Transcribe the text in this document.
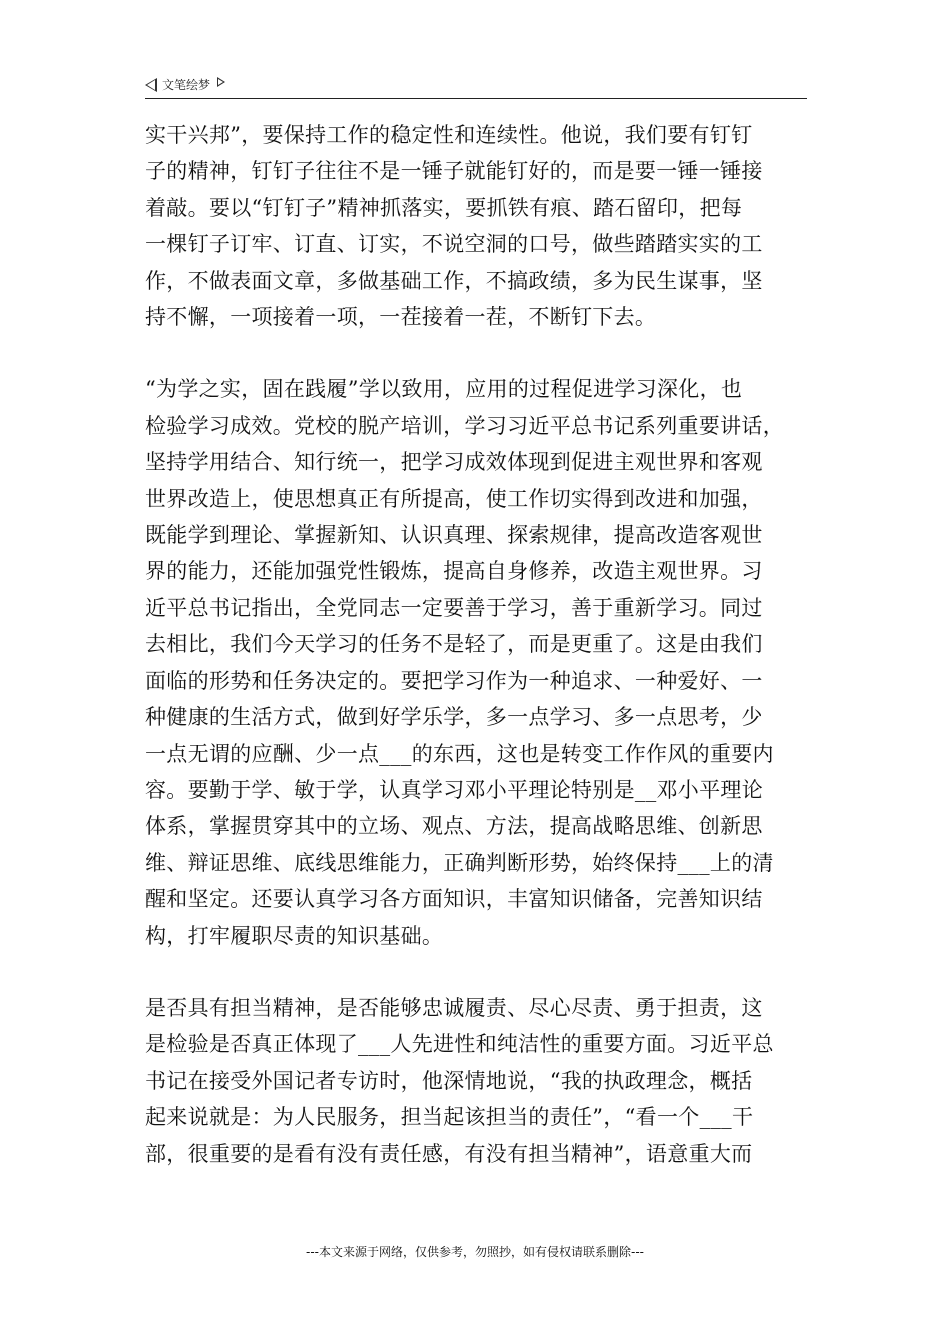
文笔绘梦

实干兴邦”，要保持工作的稳定性和连续性。他说，我们要有钉钉
子的精神，钉钉子往往不是一锤子就能钉好的，而是要一锤一锤接
着敲。要以“钉钉子”精神抓落实，要抓铁有痕、踏石留印，把每
一棵钉子订牢、订直、订实，不说空洞的口号，做些踏踏实实的工
作，不做表面文章，多做基础工作，不搞政绩，多为民生谋事，坚
持不懈，一项接着一项，一茬接着一茬，不断钉下去。

“为学之实，固在践履”学以致用，应用的过程促进学习深化，也
检验学习成效。党校的脱产培训，学习习近平总书记系列重要讲话，
坚持学用结合、知行统一，把学习成效体现到促进主观世界和客观
世界改造上，使思想真正有所提高，使工作切实得到改进和加强，
既能学到理论、掌握新知、认识真理、探索规律，提高改造客观世
界的能力，还能加强党性锻炼，提高自身修养，改造主观世界。习
近平总书记指出，全党同志一定要善于学习，善于重新学习。同过
去相比，我们今天学习的任务不是轻了，而是更重了。这是由我们
面临的形势和任务决定的。要把学习作为一种追求、一种爱好、一
种健康的生活方式，做到好学乐学，多一点学习、多一点思考，少
一点无谓的应酬、少一点___的东西，这也是转变工作作风的重要内
容。要勤于学、敏于学，认真学习邓小平理论特别是__邓小平理论
体系，掌握贯穿其中的立场、观点、方法，提高战略思维、创新思
维、辩证思维、底线思维能力，正确判断形势，始终保持___上的清
醒和坚定。还要认真学习各方面知识，丰富知识储备，完善知识结
构，打牢履职尽责的知识基础。

是否具有担当精神，是否能够忠诚履责、尽心尽责、勇于担责，这
是检验是否真正体现了___人先进性和纯洁性的重要方面。习近平总
书记在接受外国记者专访时，他深情地说，“我的执政理念，概括
起来说就是：为人民服务，担当起该担当的责任”，“看一个___干
部，很重要的是看有没有责任感，有没有担当精神”，语意重大而

---本文来源于网络，仅供参考，勿照抄，如有侵权请联系删除---
